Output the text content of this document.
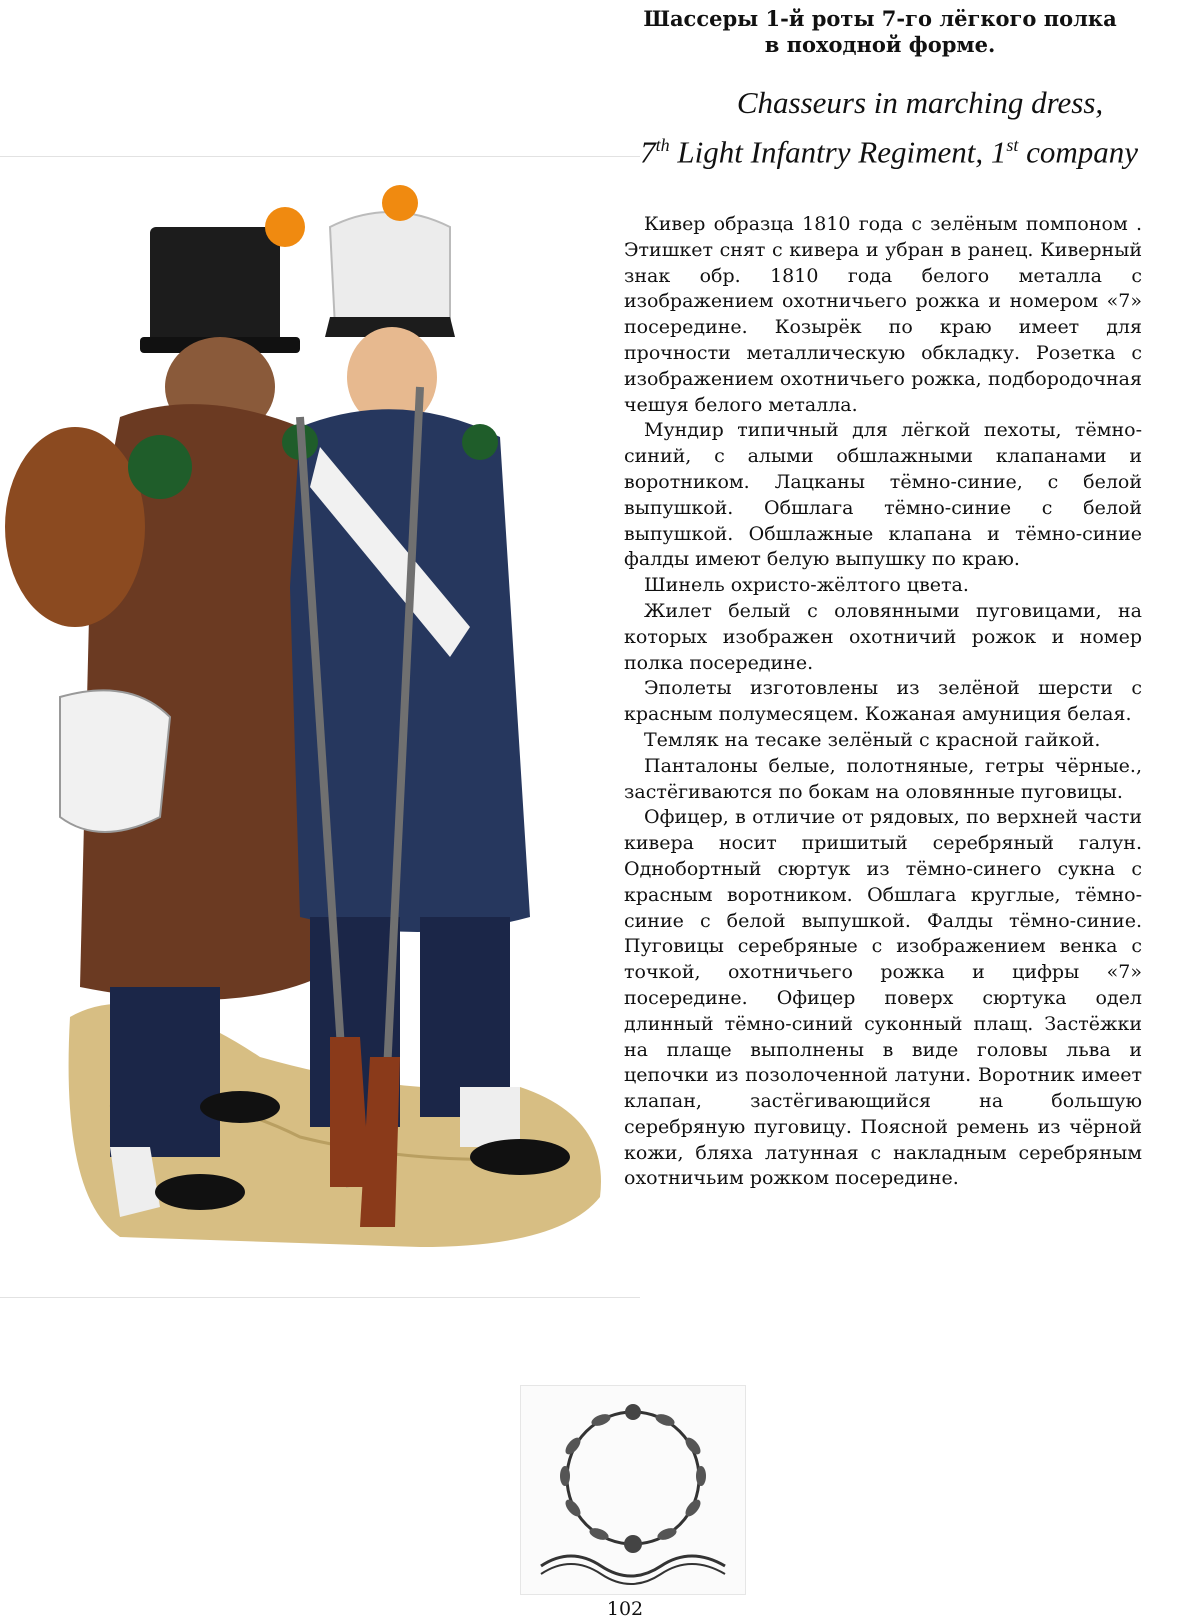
Шассеры 1-й роты 7-го лёгкого полка
в походной форме.
Chasseurs in marching dress,
7th Light Infantry Regiment, 1st company

Кивер образца 1810 года с зелёным помпоном . Этишкет снят с кивера и убран в ранец. Киверный знак обр. 1810 года белого металла с изображением охотничьего рожка и номером «7» посередине. Козырёк по краю имеет для прочности металлическую обкладку. Розетка с изображением охотничьего рожка, подбородочная чешуя белого металла.

Мундир типичный для лёгкой пехоты, тёмно-синий, с алыми обшлажными клапанами и воротником. Лацканы тёмно-синие, с белой выпушкой. Обшлага тёмно-синие с белой выпушкой. Обшлажные клапана и тёмно-синие фалды имеют белую выпушку по краю.

Шинель охристо-жёлтого цвета.

Жилет белый с оловянными пуговицами, на которых изображен охотничий рожок и номер полка посередине.

Эполеты изготовлены из зелёной шерсти с красным полумесяцем. Кожаная амуниция белая.

Темляк на тесаке зелёный с красной гайкой.

Панталоны белые, полотняные, гетры чёрные., застёгиваются по бокам на оловянные пуговицы.

Офицер, в отличие от рядовых, по верхней части кивера носит пришитый серебряный галун. Однобортный сюртук из тёмно-синего сукна с красным воротником. Обшлага круглые, тёмно-синие с белой выпушкой. Фалды тёмно-синие. Пуговицы серебряные с изображением венка с точкой, охотничьего рожка и цифры «7» посередине. Офицер поверх сюртука одел длинный тёмно-синий суконный плащ. Застёжки на плаще выполнены в виде головы льва и цепочки из позолоченной латуни. Воротник имеет клапан, застёгивающийся на большую серебряную пуговицу. Поясной ремень из чёрной кожи, бляха латунная с накладным серебряным охотничьим рожком посередине.

102
